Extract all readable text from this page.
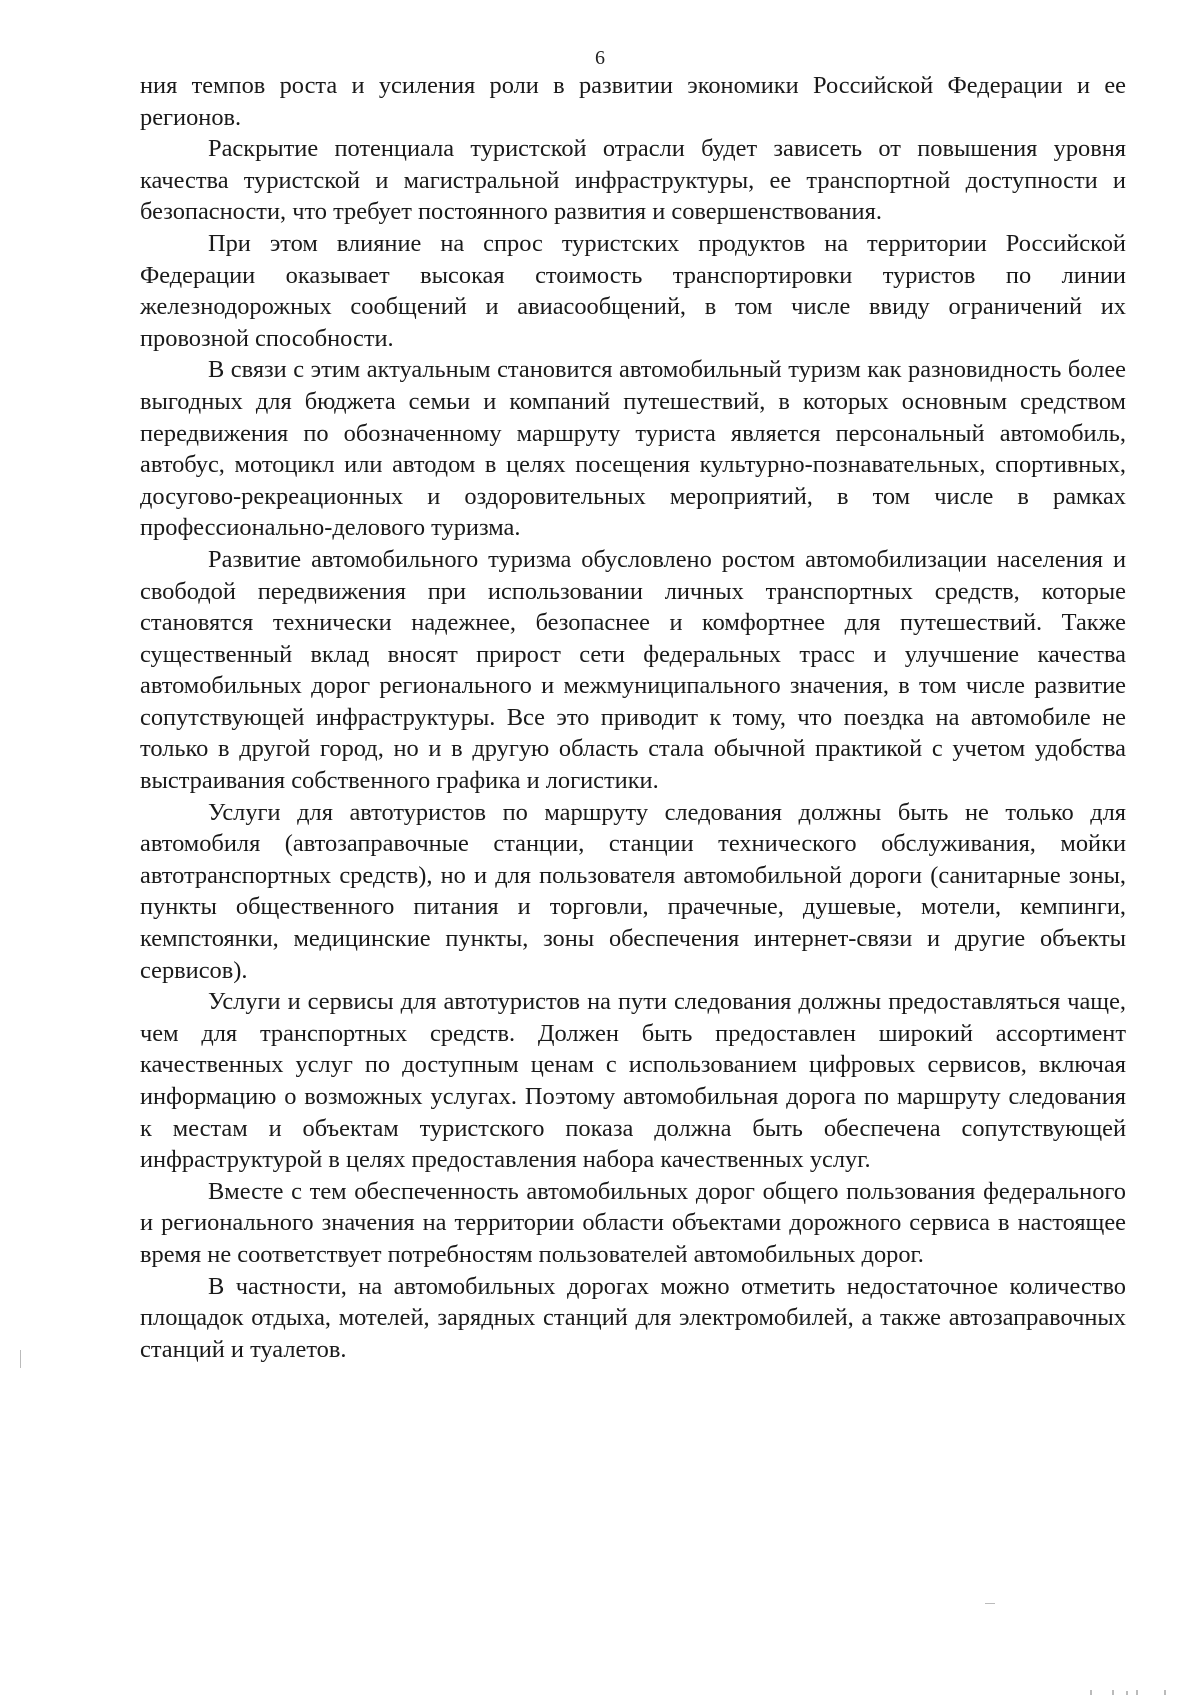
6

ния темпов роста и усиления роли в развитии экономики Российской Федерации и ее регионов.

Раскрытие потенциала туристской отрасли будет зависеть от повышения уровня качества туристской и магистральной инфраструктуры, ее транспортной доступности и безопасности, что требует постоянного развития и совершенствования.

При этом влияние на спрос туристских продуктов на территории Российской Федерации оказывает высокая стоимость транспортировки туристов по линии железнодорожных сообщений и авиасообщений, в том числе ввиду ограничений их провозной способности.

В связи с этим актуальным становится автомобильный туризм как разновидность более выгодных для бюджета семьи и компаний путешествий, в которых основным средством передвижения по обозначенному маршруту туриста является персональный автомобиль, автобус, мотоцикл или автодом в целях посещения культурно-познавательных, спортивных, досугово-рекреационных и оздоровительных мероприятий, в том числе в рамках профессионально-делового туризма.

Развитие автомобильного туризма обусловлено ростом автомобилизации населения и свободой передвижения при использовании личных транспортных средств, которые становятся технически надежнее, безопаснее и комфортнее для путешествий. Также существенный вклад вносят прирост сети федеральных трасс и улучшение качества автомобильных дорог регионального и межмуниципального значения, в том числе развитие сопутствующей инфраструктуры. Все это приводит к тому, что поездка на автомобиле не только в другой город, но и в другую область стала обычной практикой с учетом удобства выстраивания собственного графика и логистики.

Услуги для автотуристов по маршруту следования должны быть не только для автомобиля (автозаправочные станции, станции технического обслуживания, мойки автотранспортных средств), но и для пользователя автомобильной дороги (санитарные зоны, пункты общественного питания и торговли, прачечные, душевые, мотели, кемпинги, кемпстоянки, медицинские пункты, зоны обеспечения интернет-связи и другие объекты сервисов).

Услуги и сервисы для автотуристов на пути следования должны предоставляться чаще, чем для транспортных средств. Должен быть предоставлен широкий ассортимент качественных услуг по доступным ценам с использованием цифровых сервисов, включая информацию о возможных услугах. Поэтому автомобильная дорога по маршруту следования к местам и объектам туристского показа должна быть обеспечена сопутствующей инфраструктурой в целях предоставления набора качественных услуг.

Вместе с тем обеспеченность автомобильных дорог общего пользования федерального и регионального значения на территории области объектами дорожного сервиса в настоящее время не соответствует потребностям пользователей автомобильных дорог.

В частности, на автомобильных дорогах можно отметить недостаточное количество площадок отдыха, мотелей, зарядных станций для электромобилей, а также автозаправочных станций и туалетов.
